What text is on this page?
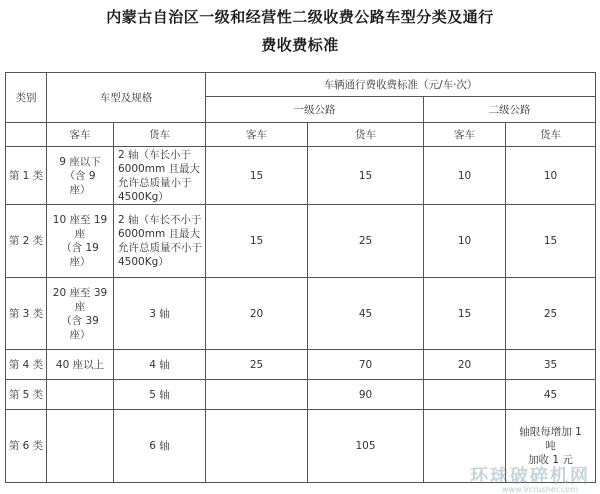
内蒙古自治区一级和经营性二级收费公路车型分类及通行
费收费标准
类别	车型及规格		车辆通行费收费标准（元/车·次）			
			一级公路		二级公路	
	客车	货车	客车	货车	客车	货车
第 1 类	9 座以下
（含 9
座）	2 轴（车长小于 6000mm 且最大允许总质量小于 4500Kg）	15	15	10	10
第 2 类	10 座至 19
座
（含 19
座）	2 轴（车长不小于 6000mm 且最大允许总质量不小于 4500Kg）	15	25	10	15
第 3 类	20 座至 39
座
（含 39
座）	3 轴	20	45	15	25
第 4 类	40 座以上	4 轴	25	70	20	35
第 5 类		5 轴		90		45
第 6 类		6 轴		105		轴限每增加 1
吨
加收 1 元
环球破碎机网
www.Vcrusher.com
